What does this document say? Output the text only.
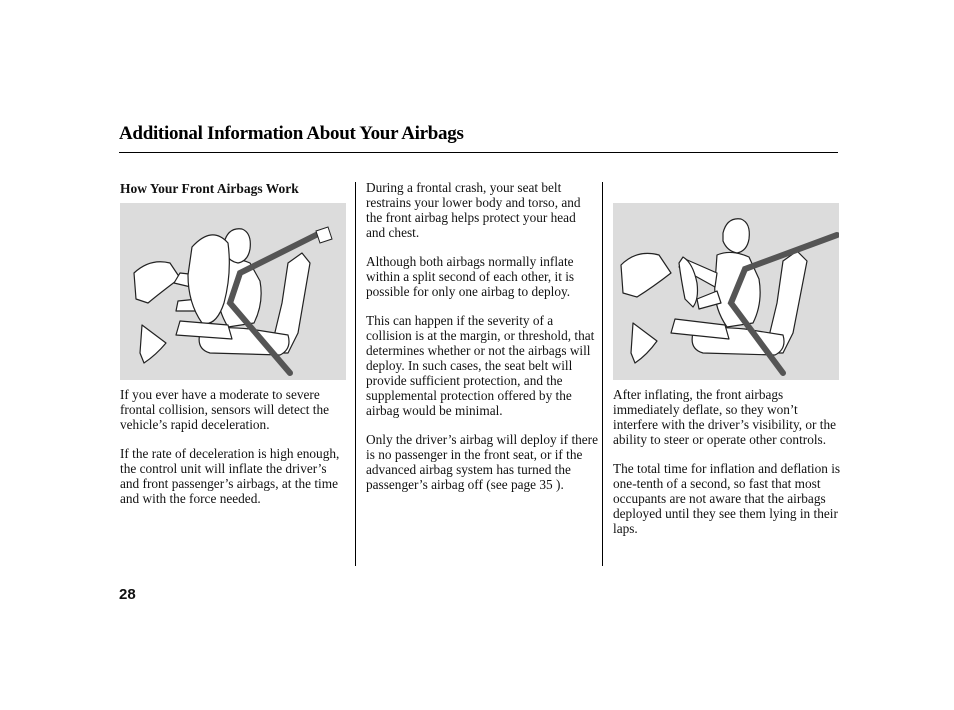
Additional Information About Your Airbags
How Your Front Airbags Work

If you ever have a moderate to severe frontal collision, sensors will detect the vehicle’s rapid deceleration.

If the rate of deceleration is high enough, the control unit will inflate the driver’s and front passenger’s airbags, at the time and with the force needed.

During a frontal crash, your seat belt restrains your lower body and torso, and the front airbag helps protect your head and chest.

Although both airbags normally inflate within a split second of each other, it is possible for only one airbag to deploy.

This can happen if the severity of a collision is at the margin, or threshold, that determines whether or not the airbags will deploy. In such cases, the seat belt will provide sufficient protection, and the supplemental protection offered by the airbag would be minimal.

Only the driver’s airbag will deploy if there is no passenger in the front seat, or if the advanced airbag system has turned the passenger’s airbag off (see page 35 ).

After inflating, the front airbags immediately deflate, so they won’t interfere with the driver’s visibility, or the ability to steer or operate other controls.

The total time for inflation and deflation is one-tenth of a second, so fast that most occupants are not aware that the airbags deployed until they see them lying in their laps.

28
